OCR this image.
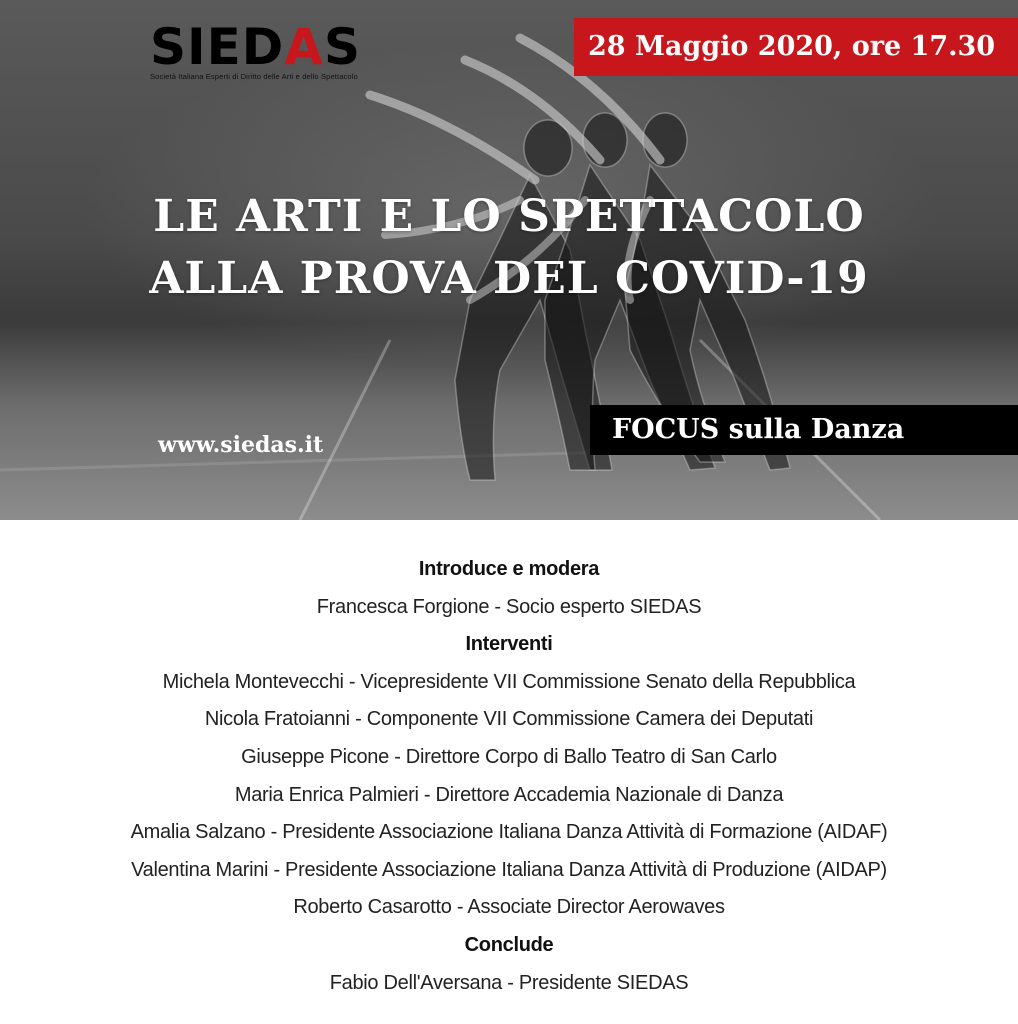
SIEDAS
Società Italiana Esperti di Diritto delle Arti e dello Spettacolo
28 Maggio 2020, ore 17.30
LE ARTI E LO SPETTACOLO
ALLA PROVA DEL COVID-19
FOCUS sulla Danza
www.siedas.it
Introduce e modera
Francesca Forgione - Socio esperto SIEDAS
Interventi
Michela Montevecchi - Vicepresidente VII Commissione Senato della Repubblica
Nicola Fratoianni - Componente VII Commissione Camera dei Deputati
Giuseppe Picone - Direttore Corpo di Ballo Teatro di San Carlo
Maria Enrica Palmieri - Direttore Accademia Nazionale di Danza
Amalia Salzano - Presidente Associazione Italiana Danza Attività di Formazione (AIDAF)
Valentina Marini - Presidente Associazione Italiana Danza Attività di Produzione (AIDAP)
Roberto Casarotto - Associate Director Aerowaves
Conclude
Fabio Dell'Aversana - Presidente SIEDAS
